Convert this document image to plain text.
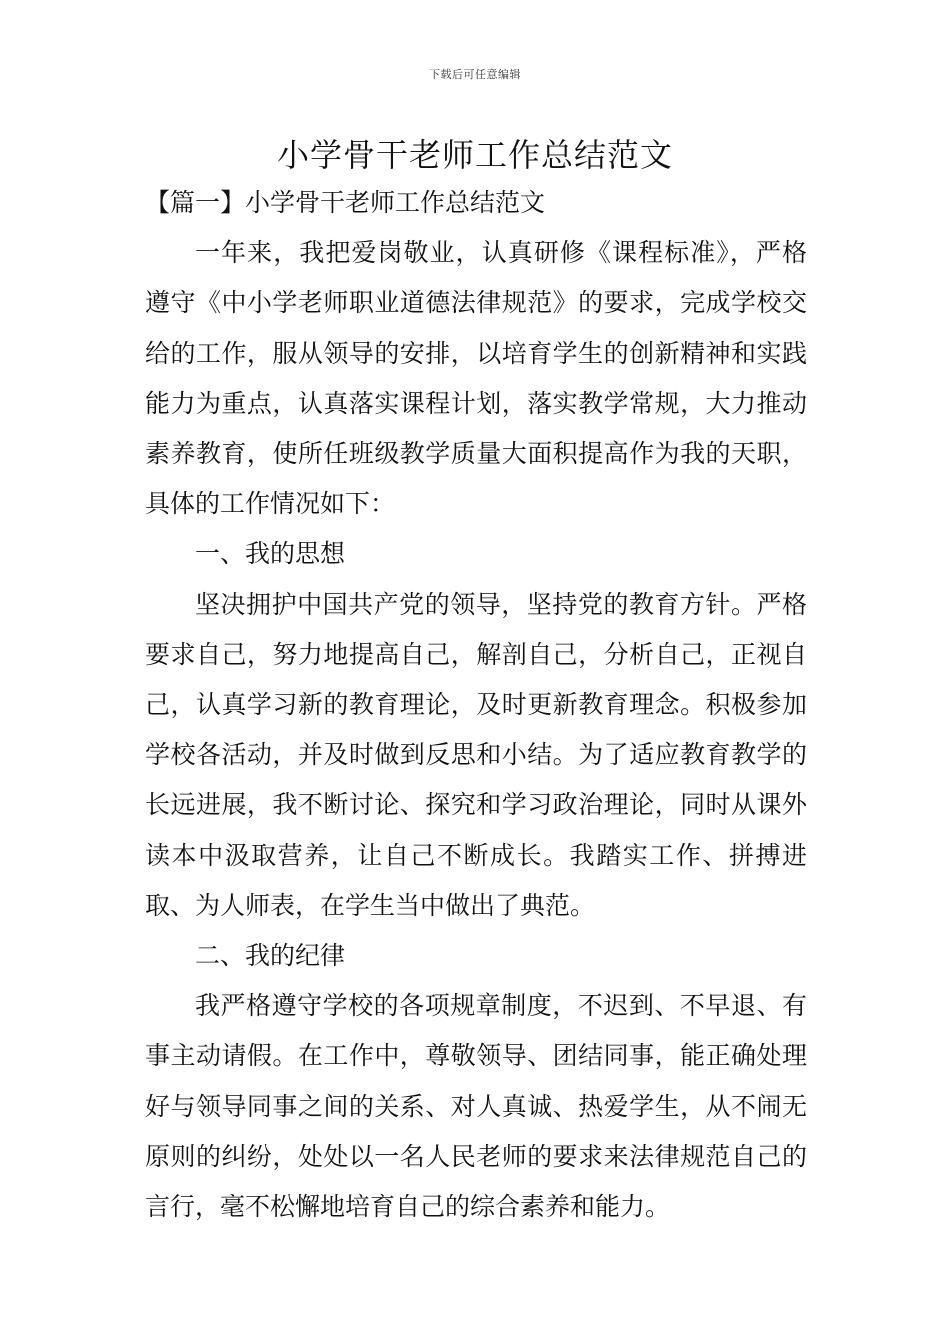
下载后可任意编辑
小学骨干老师工作总结范文
【篇一】小学骨干老师工作总结范文

一年来，我把爱岗敬业，认真研修《课程标准》，严格遵守《中小学老师职业道德法律规范》的要求，完成学校交给的工作，服从领导的安排，以培育学生的创新精神和实践能力为重点，认真落实课程计划，落实教学常规，大力推动素养教育，使所任班级教学质量大面积提高作为我的天职，具体的工作情况如下：

一、我的思想

坚决拥护中国共产党的领导，坚持党的教育方针。严格要求自己，努力地提高自己，解剖自己，分析自己，正视自己，认真学习新的教育理论，及时更新教育理念。积极参加学校各活动，并及时做到反思和小结。为了适应教育教学的长远进展，我不断讨论、探究和学习政治理论，同时从课外读本中汲取营养，让自己不断成长。我踏实工作、拼搏进取、为人师表，在学生当中做出了典范。

二、我的纪律

我严格遵守学校的各项规章制度，不迟到、不早退、有事主动请假。在工作中，尊敬领导、团结同事，能正确处理好与领导同事之间的关系、对人真诚、热爱学生，从不闹无原则的纠纷，处处以一名人民老师的要求来法律规范自己的言行，毫不松懈地培育自己的综合素养和能力。
